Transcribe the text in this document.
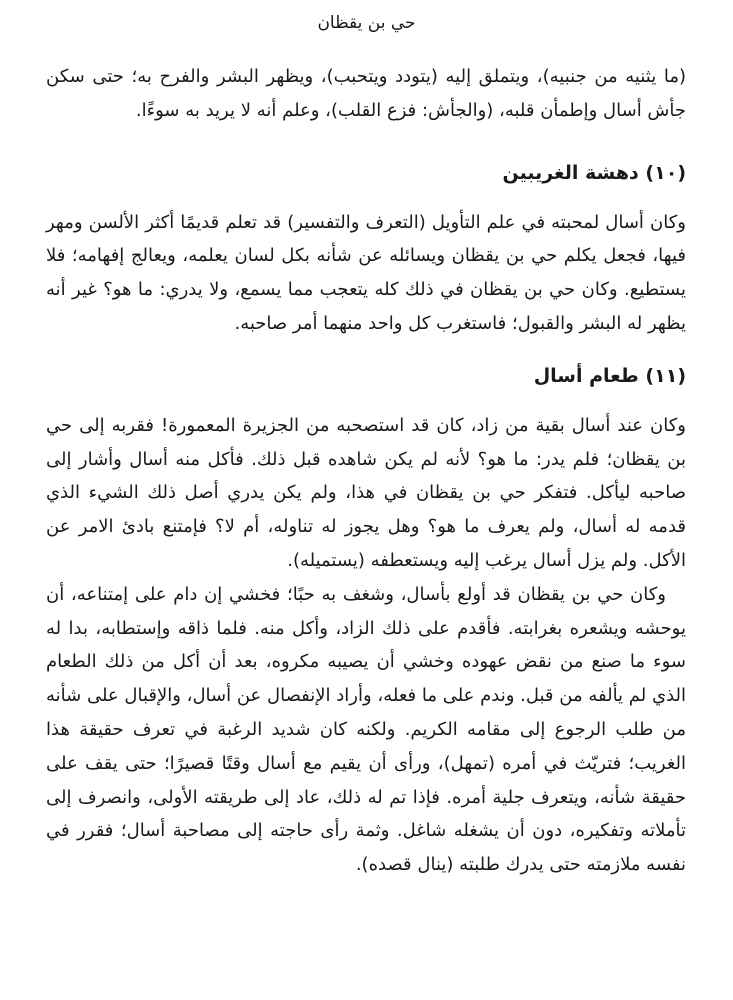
حي بن يقظان

(ما يثنيه من جنبيه)، ويتملق إليه (يتودد ويتحبب)، ويظهر البشر والفرح به؛ حتى سكن جأش أسال وإطمأن قلبه، (والجأش: فزع القلب)، وعلم أنه لا يريد به سوءًا.

(١٠) دهشة الغريبين

وكان أسال لمحبته في علم التأويل (التعرف والتفسير) قد تعلم قديمًا أكثر الألسن ومهر فيها، فجعل يكلم حي بن يقظان ويسائله عن شأنه بكل لسان يعلمه، ويعالج إفهامه؛ فلا يستطيع. وكان حي بن يقظان في ذلك كله يتعجب مما يسمع، ولا يدري: ما هو؟ غير أنه يظهر له البشر والقبول؛ فاستغرب كل واحد منهما أمر صاحبه.

(١١) طعام أسال

وكان عند أسال بقية من زاد، كان قد استصحبه من الجزيرة المعمورة! فقربه إلى حي بن يقظان؛ فلم يدر: ما هو؟ لأنه لم يكن شاهده قبل ذلك. فأكل منه أسال وأشار إلى صاحبه ليأكل. فتفكر حي بن يقظان في هذا، ولم يكن يدري أصل ذلك الشيء الذي قدمه له أسال، ولم يعرف ما هو؟ وهل يجوز له تناوله، أم لا؟ فإمتنع بادئ الامر عن الأكل. ولم يزل أسال يرغب إليه ويستعطفه (يستميله).

وكان حي بن يقظان قد أولع بأسال، وشغف به حبًا؛ فخشي إن دام على إمتناعه، أن يوحشه ويشعره بغرابته. فأقدم على ذلك الزاد، وأكل منه. فلما ذاقه وإستطابه، بدا له سوء ما صنع من نقض عهوده وخشي أن يصيبه مكروه، بعد أن أكل من ذلك الطعام الذي لم يألفه من قبل. وندم على ما فعله، وأراد الإنفصال عن أسال، والإقبال على شأنه من طلب الرجوع إلى مقامه الكريم. ولكنه كان شديد الرغبة في تعرف حقيقة هذا الغريب؛ فتريّث في أمره (تمهل)، ورأى أن يقيم مع أسال وقتًا قصيرًا؛ حتى يقف على حقيقة شأنه، ويتعرف جلية أمره. فإذا تم له ذلك، عاد إلى طريقته الأولى، وانصرف إلى تأملاته وتفكيره، دون أن يشغله شاغل. وثمة رأى حاجته إلى مصاحبة أسال؛ فقرر في نفسه ملازمته حتى يدرك طلبته (ينال قصده).
